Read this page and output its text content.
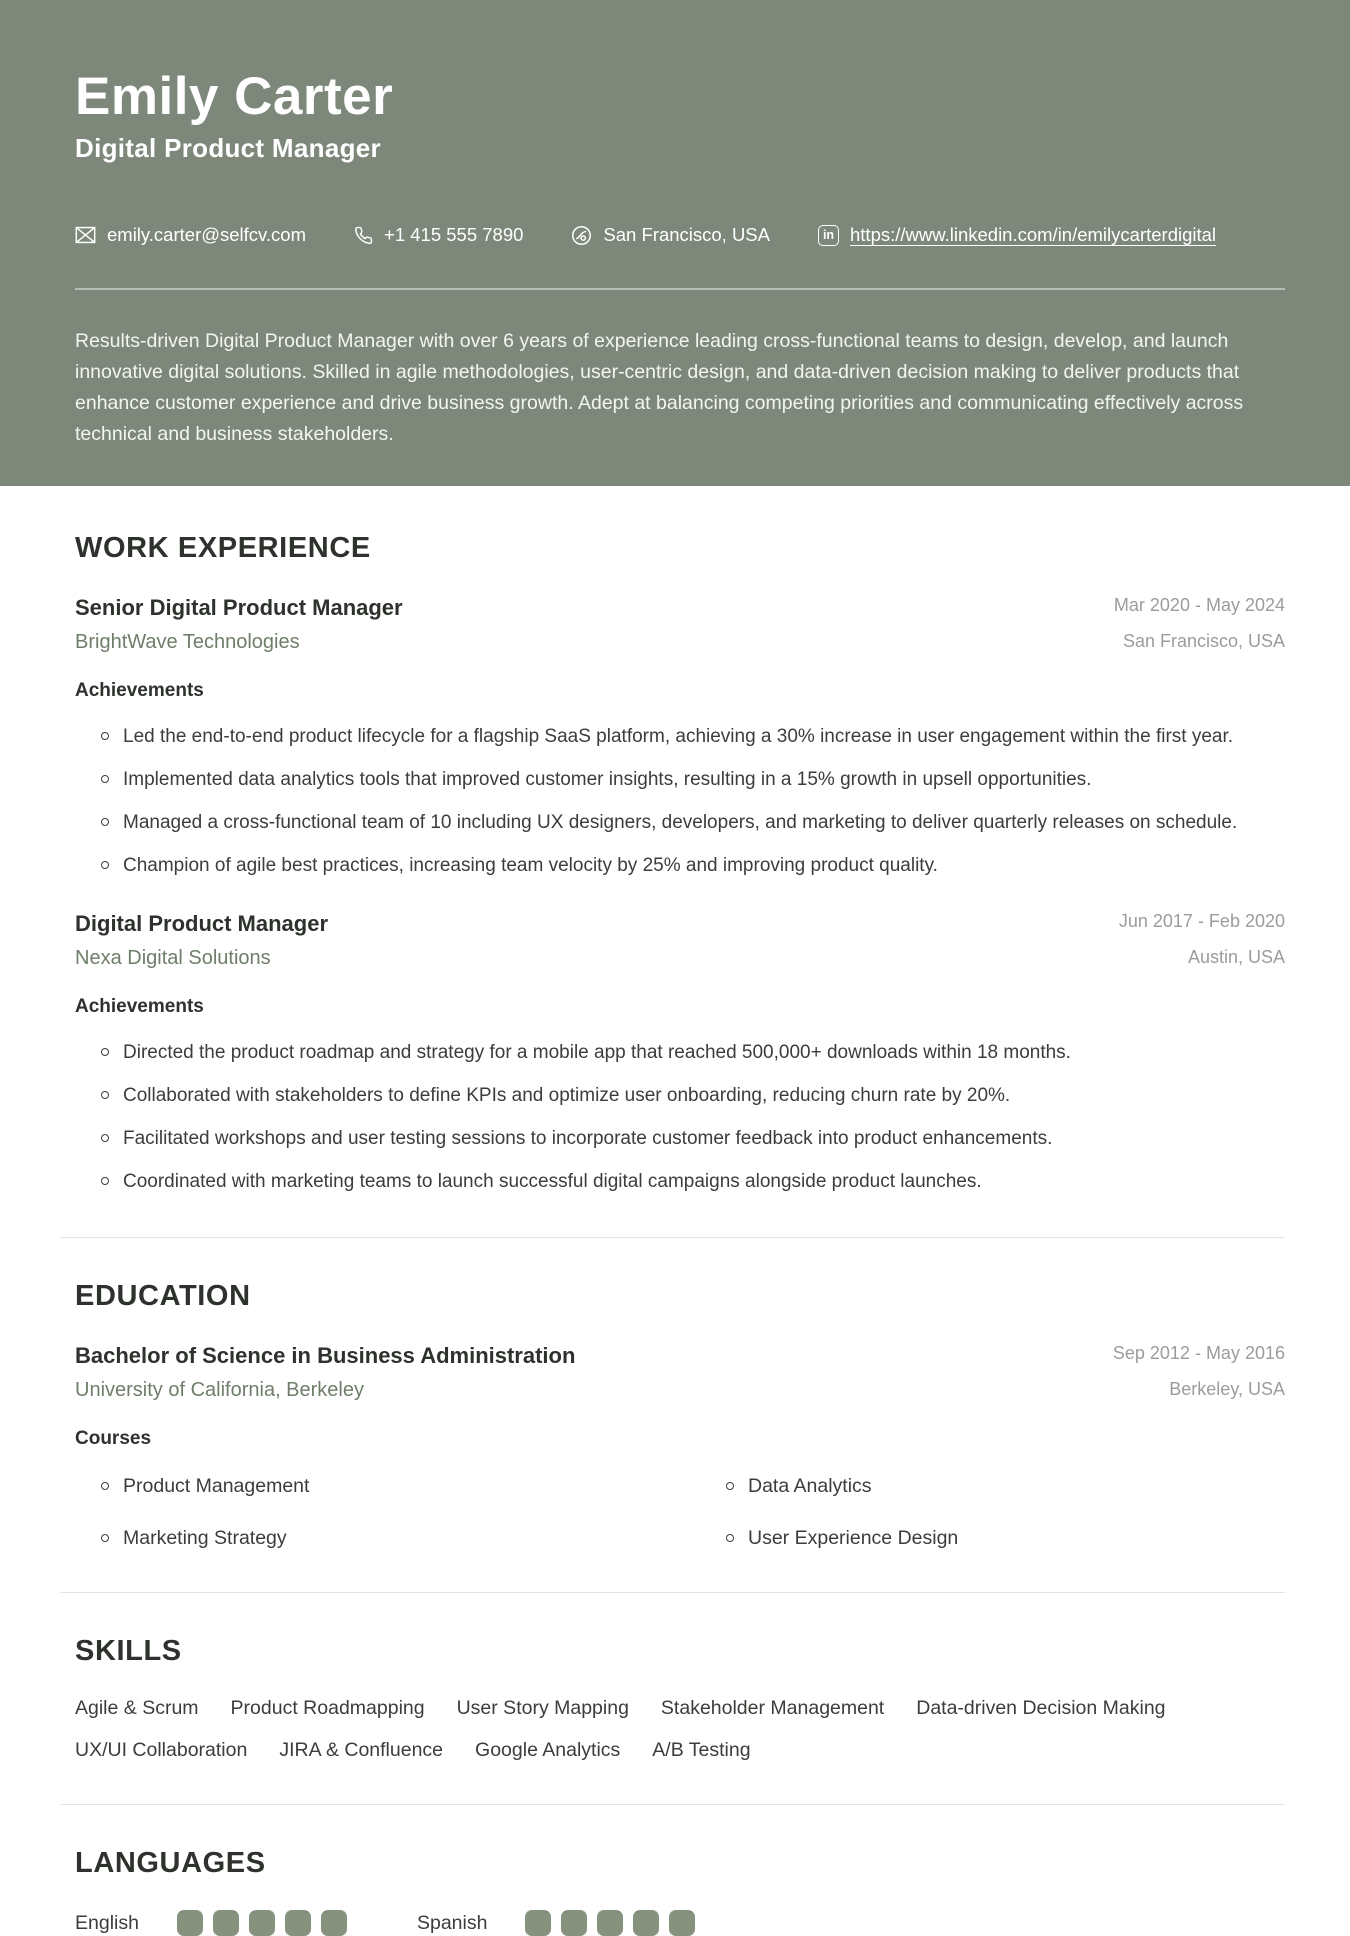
Emily Carter
Digital Product Manager
emily.carter@selfcv.com	+1 415 555 7890	San Francisco, USA	in https://www.linkedin.com/in/emilycarterdigital

Results-driven Digital Product Manager with over 6 years of experience leading cross-functional teams to design, develop, and launch innovative digital solutions. Skilled in agile methodologies, user-centric design, and data-driven decision making to deliver products that enhance customer experience and drive business growth. Adept at balancing competing priorities and communicating effectively across technical and business stakeholders.

WORK EXPERIENCE
Senior Digital Product Manager
BrightWave Technologies
Mar 2020 - May 2024
San Francisco, USA
Achievements
Led the end-to-end product lifecycle for a flagship SaaS platform, achieving a 30% increase in user engagement within the first year.
Implemented data analytics tools that improved customer insights, resulting in a 15% growth in upsell opportunities.
Managed a cross-functional team of 10 including UX designers, developers, and marketing to deliver quarterly releases on schedule.
Champion of agile best practices, increasing team velocity by 25% and improving product quality.
Digital Product Manager
Nexa Digital Solutions
Jun 2017 - Feb 2020
Austin, USA
Achievements
Directed the product roadmap and strategy for a mobile app that reached 500,000+ downloads within 18 months.
Collaborated with stakeholders to define KPIs and optimize user onboarding, reducing churn rate by 20%.
Facilitated workshops and user testing sessions to incorporate customer feedback into product enhancements.
Coordinated with marketing teams to launch successful digital campaigns alongside product launches.
EDUCATION
Bachelor of Science in Business Administration
University of California, Berkeley
Sep 2012 - May 2016
Berkeley, USA
Courses
Product Management	Data Analytics
Marketing Strategy	User Experience Design
SKILLS
Agile & Scrum Product Roadmapping User Story Mapping Stakeholder Management Data-driven Decision Making
UX/UI Collaboration JIRA & Confluence Google Analytics A/B Testing
LANGUAGES
English	Spanish
